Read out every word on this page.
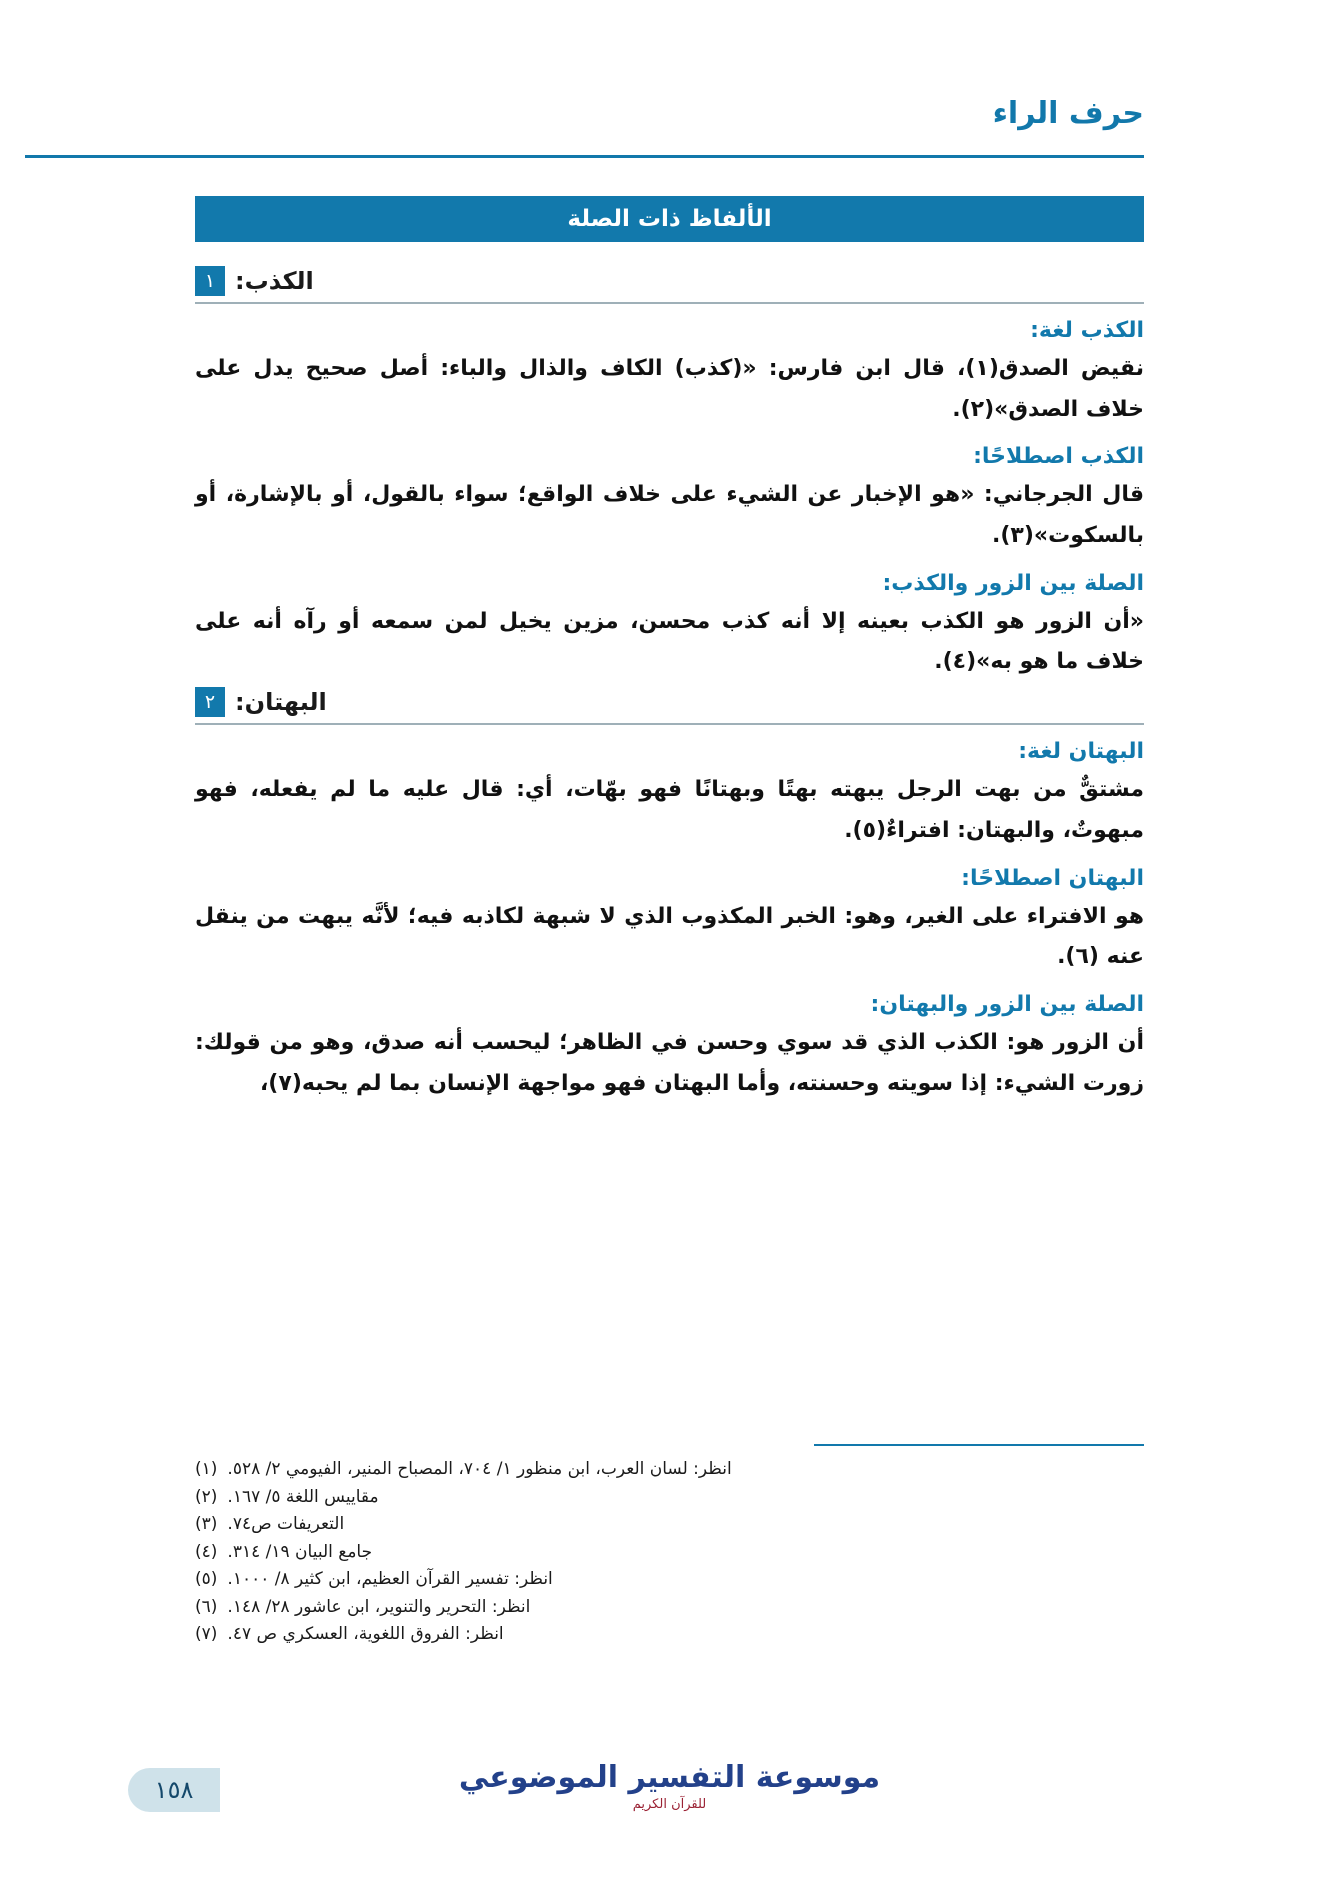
حرف الراء
الألفاظ ذات الصلة
١ الكذب:
الكذب لغة:

نقيض الصدق(١)، قال ابن فارس: «(كذب) الكاف والذال والباء: أصل صحيح يدل على خلاف الصدق»(٢).

الكذب اصطلاحًا:

قال الجرجاني: «هو الإخبار عن الشيء على خلاف الواقع؛ سواء بالقول، أو بالإشارة، أو بالسكوت»(٣).

الصلة بين الزور والكذب:

«أن الزور هو الكذب بعينه إلا أنه كذب محسن، مزين يخيل لمن سمعه أو رآه أنه على خلاف ما هو به»(٤).

٢ البهتان:
البهتان لغة:

مشتقٌّ من بهت الرجل يبهته بهتًا وبهتانًا فهو بهّات، أي: قال عليه ما لم يفعله، فهو مبهوتٌ، والبهتان: افتراءٌ(٥).

البهتان اصطلاحًا:

هو الافتراء على الغير، وهو: الخبر المكذوب الذي لا شبهة لكاذبه فيه؛ لأنَّه يبهت من ينقل عنه (٦).

الصلة بين الزور والبهتان:

أن الزور هو: الكذب الذي قد سوي وحسن في الظاهر؛ ليحسب أنه صدق، وهو من قولك: زورت الشيء: إذا سويته وحسنته، وأما البهتان فهو مواجهة الإنسان بما لم يحبه(٧)،

(١) انظر: لسان العرب، ابن منظور ١/ ٧٠٤، المصباح المنير، الفيومي ٢/ ٥٢٨.
(٢) مقاييس اللغة ٥/ ١٦٧.
(٣) التعريفات ص٧٤.
(٤) جامع البيان ١٩/ ٣١٤.
(٥) انظر: تفسير القرآن العظيم، ابن كثير ٨/ ١٠٠٠.
(٦) انظر: التحرير والتنوير، ابن عاشور ٢٨/ ١٤٨.
(٧) انظر: الفروق اللغوية، العسكري ص ٤٧.
موسوعة التفسير الموضوعي
للقرآن الكريم
١٥٨
